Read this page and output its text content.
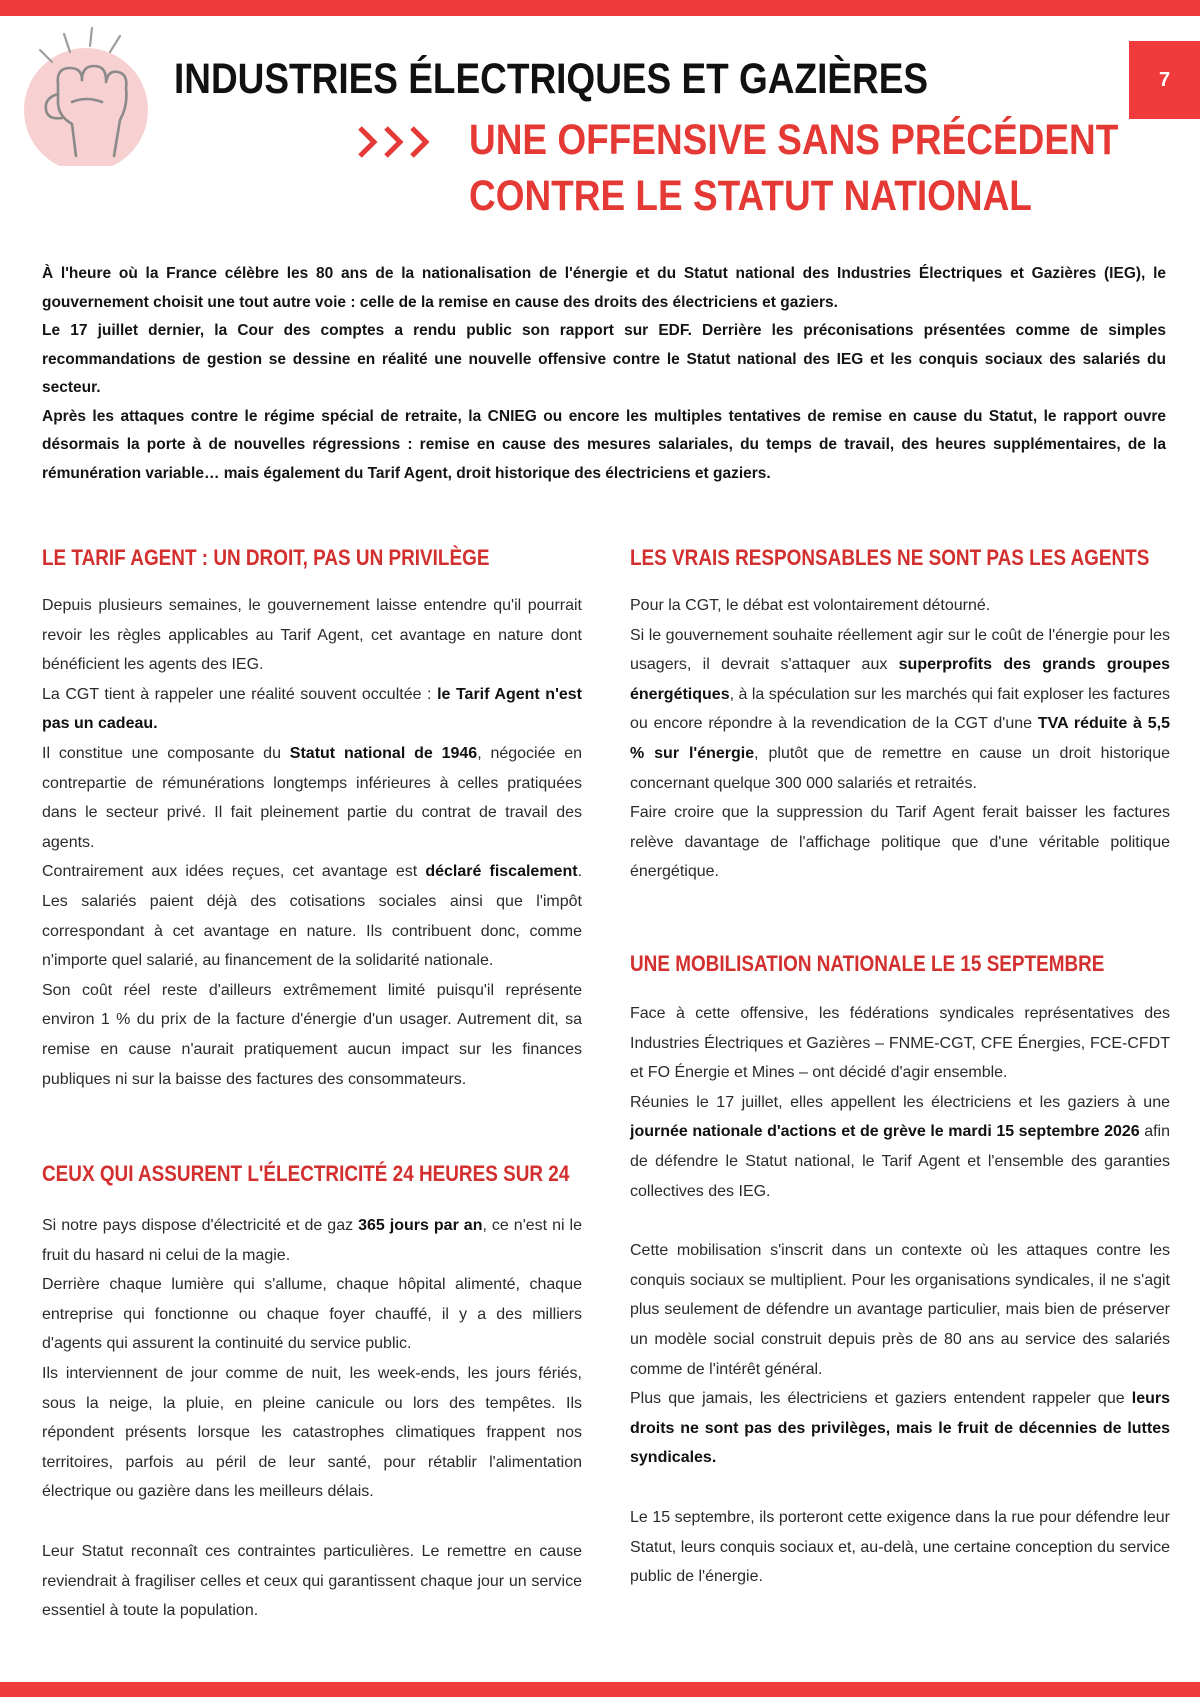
INDUSTRIES ÉLECTRIQUES ET GAZIÈRES
UNE OFFENSIVE SANS PRÉCÉDENT
CONTRE LE STATUT NATIONAL
7

À l'heure où la France célèbre les 80 ans de la nationalisation de l'énergie et du Statut national des Industries Électriques et Gazières (IEG), le gouvernement choisit une tout autre voie : celle de la remise en cause des droits des électriciens et gaziers.

Le 17 juillet dernier, la Cour des comptes a rendu public son rapport sur EDF. Derrière les préconisations présentées comme de simples recommandations de gestion se dessine en réalité une nouvelle offensive contre le Statut national des IEG et les conquis sociaux des salariés du secteur.

Après les attaques contre le régime spécial de retraite, la CNIEG ou encore les multiples tentatives de remise en cause du Statut, le rapport ouvre désormais la porte à de nouvelles régressions : remise en cause des mesures salariales, du temps de travail, des heures supplémentaires, de la rémunération variable… mais également du Tarif Agent, droit historique des électriciens et gaziers.

LE TARIF AGENT : UN DROIT, PAS UN PRIVILÈGE

Depuis plusieurs semaines, le gouvernement laisse entendre qu'il pourrait revoir les règles applicables au Tarif Agent, cet avantage en nature dont bénéficient les agents des IEG.

La CGT tient à rappeler une réalité souvent occultée : le Tarif Agent n'est pas un cadeau.

Il constitue une composante du Statut national de 1946, négociée en contrepartie de rémunérations longtemps inférieures à celles pratiquées dans le secteur privé. Il fait pleinement partie du contrat de travail des agents.

Contrairement aux idées reçues, cet avantage est déclaré fiscalement. Les salariés paient déjà des cotisations sociales ainsi que l'impôt correspondant à cet avantage en nature. Ils contribuent donc, comme n'importe quel salarié, au financement de la solidarité nationale.

Son coût réel reste d'ailleurs extrêmement limité puisqu'il représente environ 1 % du prix de la facture d'énergie d'un usager. Autrement dit, sa remise en cause n'aurait pratiquement aucun impact sur les finances publiques ni sur la baisse des factures des consommateurs.

CEUX QUI ASSURENT L'ÉLECTRICITÉ 24 HEURES SUR 24

Si notre pays dispose d'électricité et de gaz 365 jours par an, ce n'est ni le fruit du hasard ni celui de la magie.

Derrière chaque lumière qui s'allume, chaque hôpital alimenté, chaque entreprise qui fonctionne ou chaque foyer chauffé, il y a des milliers d'agents qui assurent la continuité du service public.

Ils interviennent de jour comme de nuit, les week-ends, les jours fériés, sous la neige, la pluie, en pleine canicule ou lors des tempêtes. Ils répondent présents lorsque les catastrophes climatiques frappent nos territoires, parfois au péril de leur santé, pour rétablir l'alimentation électrique ou gazière dans les meilleurs délais.

Leur Statut reconnaît ces contraintes particulières. Le remettre en cause reviendrait à fragiliser celles et ceux qui garantissent chaque jour un service essentiel à toute la population.

LES VRAIS RESPONSABLES NE SONT PAS LES AGENTS

Pour la CGT, le débat est volontairement détourné.

Si le gouvernement souhaite réellement agir sur le coût de l'énergie pour les usagers, il devrait s'attaquer aux superprofits des grands groupes énergétiques, à la spéculation sur les marchés qui fait exploser les factures ou encore répondre à la revendication de la CGT d'une TVA réduite à 5,5 % sur l'énergie, plutôt que de remettre en cause un droit historique concernant quelque 300 000 salariés et retraités.

Faire croire que la suppression du Tarif Agent ferait baisser les factures relève davantage de l'affichage politique que d'une véritable politique énergétique.

UNE MOBILISATION NATIONALE LE 15 SEPTEMBRE

Face à cette offensive, les fédérations syndicales représentatives des Industries Électriques et Gazières – FNME-CGT, CFE Énergies, FCE-CFDT et FO Énergie et Mines – ont décidé d'agir ensemble.

Réunies le 17 juillet, elles appellent les électriciens et les gaziers à une journée nationale d'actions et de grève le mardi 15 septembre 2026 afin de défendre le Statut national, le Tarif Agent et l'ensemble des garanties collectives des IEG.

Cette mobilisation s'inscrit dans un contexte où les attaques contre les conquis sociaux se multiplient. Pour les organisations syndicales, il ne s'agit plus seulement de défendre un avantage particulier, mais bien de préserver un modèle social construit depuis près de 80 ans au service des salariés comme de l'intérêt général.

Plus que jamais, les électriciens et gaziers entendent rappeler que leurs droits ne sont pas des privilèges, mais le fruit de décennies de luttes syndicales.

Le 15 septembre, ils porteront cette exigence dans la rue pour défendre leur Statut, leurs conquis sociaux et, au-delà, une certaine conception du service public de l'énergie.
